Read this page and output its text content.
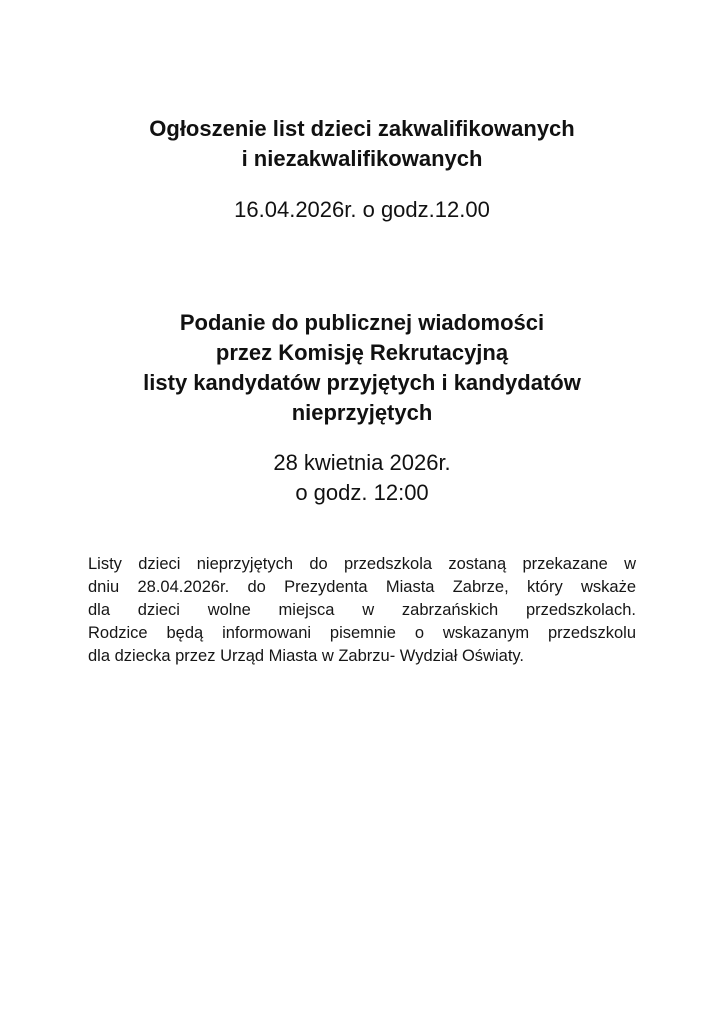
Ogłoszenie list dzieci zakwalifikowanych
i niezakwalifikowanych
16.04.2026r. o godz.12.00
Podanie do publicznej wiadomości
przez Komisję Rekrutacyjną
listy kandydatów przyjętych i kandydatów
nieprzyjętych
28 kwietnia 2026r.
o godz. 12:00
Listy dzieci nieprzyjętych do przedszkola zostaną przekazane w
dniu 28.04.2026r. do Prezydenta Miasta Zabrze, który wskaże
dla dzieci wolne miejsca w zabrzańskich przedszkolach.
Rodzice będą informowani pisemnie o wskazanym przedszkolu
dla dziecka przez Urząd Miasta w Zabrzu- Wydział Oświaty.
